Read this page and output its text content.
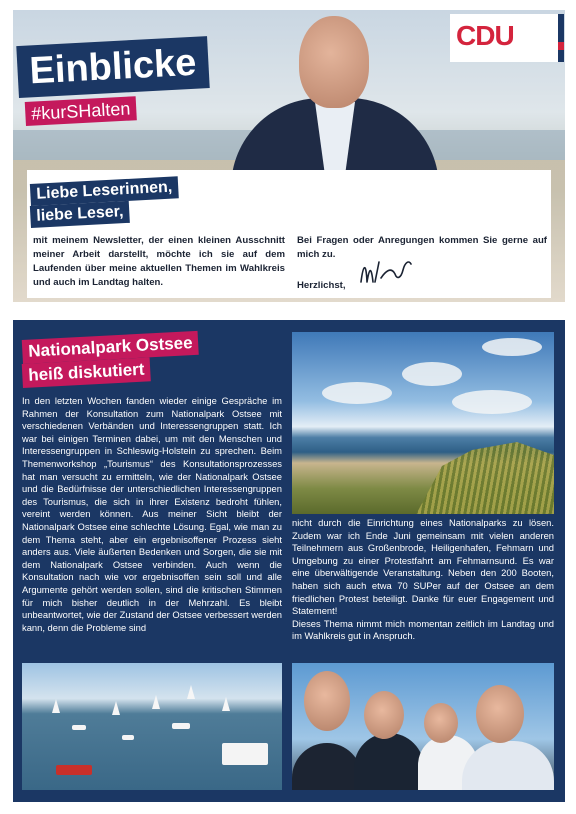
Einblicke
#kurSHalten
CDU
Liebe Leserinnen,
liebe Leser,

mit meinem Newsletter, der einen kleinen Ausschnitt meiner Arbeit darstellt, möchte ich sie auf dem Laufenden über meine aktuellen Themen im Wahlkreis und auch im Landtag halten.

Bei Fragen oder Anregungen kommen Sie gerne auf mich zu.

Herzlichst,
Nationalpark Ostsee
heiß diskutiert

In den letzten Wochen fanden wieder einige Gespräche im Rahmen der Konsultation zum Nationalpark Ostsee mit verschiedenen Verbänden und Interessengruppen statt. Ich war bei einigen Terminen dabei, um mit den Menschen und Interessengruppen in Schleswig-Holstein zu sprechen. Beim Themenworkshop „Tourismus“ des Konsultationsprozesses hat man versucht zu ermitteln, wie der Nationalpark Ostsee und die Bedürfnisse der unterschiedlichen Interessengruppen des Tourismus, die sich in ihrer Existenz bedroht fühlen, vereint werden können. Aus meiner Sicht bleibt der Nationalpark Ostsee eine schlechte Lösung. Egal, wie man zu dem Thema steht, aber ein ergebnisoffener Prozess sieht anders aus. Viele äußerten Bedenken und Sorgen, die sie mit dem Nationalpark Ostsee verbinden. Auch wenn die Konsultation nach wie vor ergebnisoffen sein soll und alle Argumente gehört werden sollen, sind die kritischen Stimmen für mich bisher deutlich in der Mehrzahl. Es bleibt unbeantwortet, wie der Zustand der Ostsee verbessert werden kann, denn die Probleme sind

nicht durch die Einrichtung eines Nationalparks zu lösen. Zudem war ich Ende Juni gemeinsam mit vielen anderen Teilnehmern aus Großenbrode, Heiligenhafen, Fehmarn und Umgebung zu einer Protestfahrt am Fehmarnsund. Es war eine überwältigende Veranstaltung. Neben den 200 Booten, haben sich auch etwa 70 SUPer auf der Ostsee an dem friedlichen Protest beteiligt. Danke für euer Engagement und Statement!

Dieses Thema nimmt mich momentan zeitlich im Landtag und im Wahlkreis gut in Anspruch.
